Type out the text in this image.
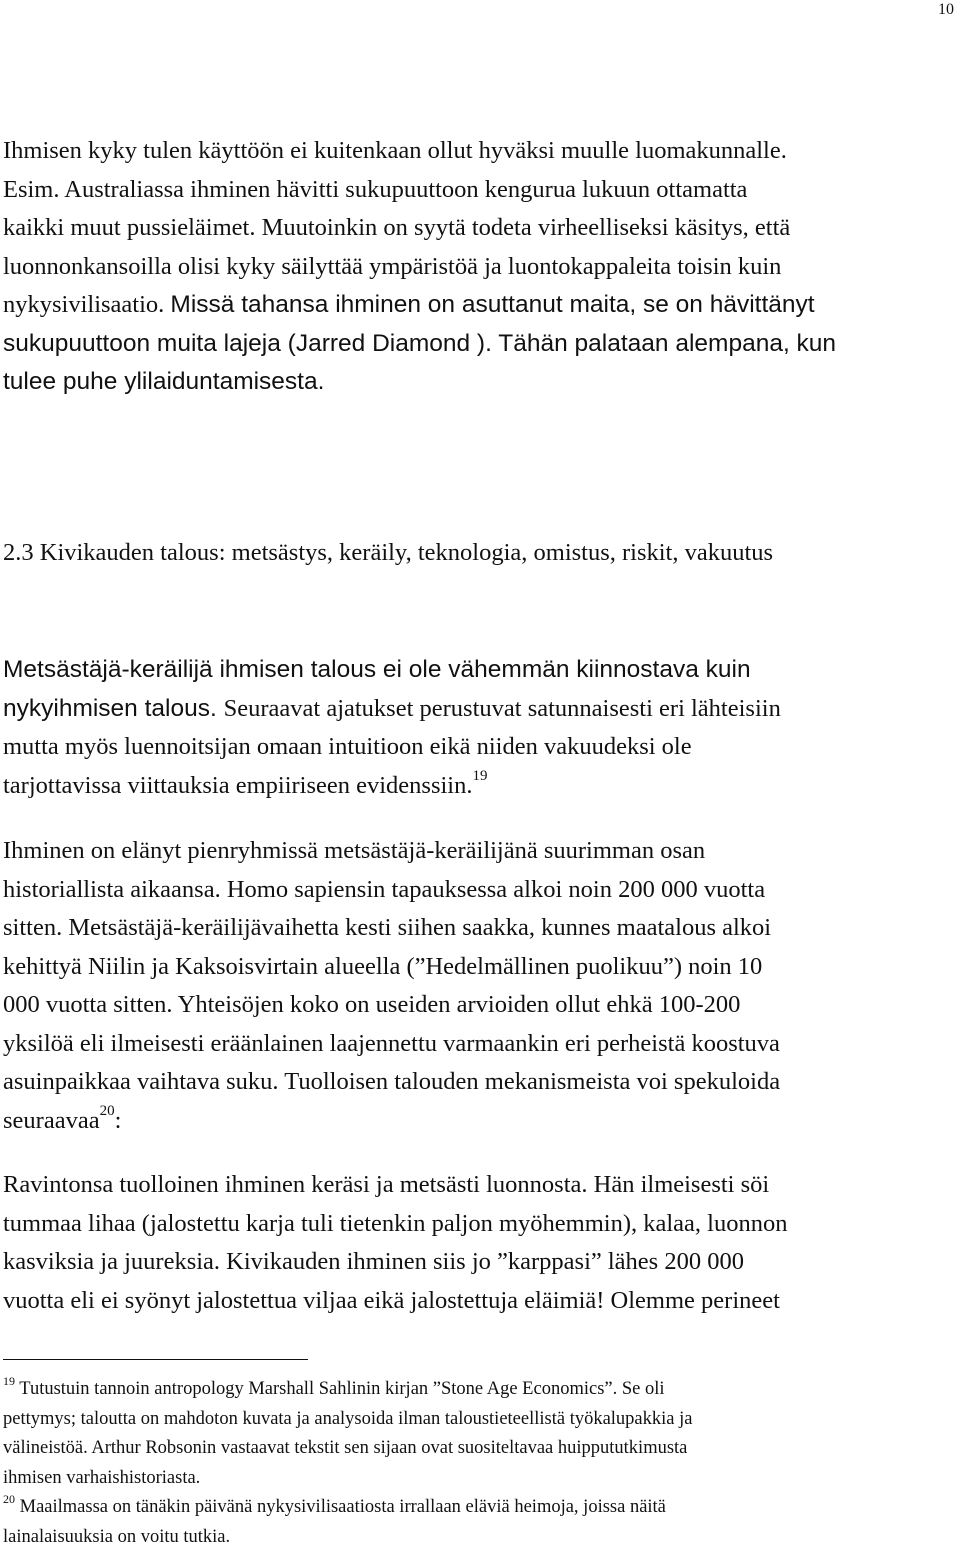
10
Ihmisen kyky tulen käyttöön ei kuitenkaan ollut hyväksi muulle luomakunnalle.
Esim. Australiassa ihminen hävitti sukupuuttoon kengurua lukuun ottamatta
kaikki muut pussieläimet. Muutoinkin on syytä todeta virheelliseksi käsitys, että
luonnonkansoilla olisi kyky säilyttää ympäristöä ja luontokappaleita toisin kuin
nykysivilisaatio. Missä tahansa ihminen on asuttanut maita, se on hävittänyt
sukupuuttoon muita lajeja (Jarred Diamond ). Tähän palataan alempana, kun
tulee puhe ylilaiduntamisesta.
2.3 Kivikauden talous: metsästys, keräily, teknologia, omistus, riskit, vakuutus
Metsästäjä-keräilijä ihmisen talous ei ole vähemmän kiinnostava kuin
nykyihmisen talous. Seuraavat ajatukset perustuvat satunnaisesti eri lähteisiin
mutta myös luennoitsijan omaan intuitioon eikä niiden vakuudeksi ole
tarjottavissa viittauksia empiiriseen evidenssiin.$^{19}$
Ihminen on elänyt pienryhmissä metsästäjä-keräilijänä suurimman osan
historiallista aikaansa. Homo sapiensin tapauksessa alkoi noin 200 000 vuotta
sitten. Metsästäjä-keräilijävaihetta kesti siihen saakka, kunnes maatalous alkoi
kehittyä Niilin ja Kaksoisvirtain alueella (”Hedelmällinen puolikuu”) noin 10
000 vuotta sitten. Yhteisöjen koko on useiden arvioiden ollut ehkä 100-200
yksilöä eli ilmeisesti eräänlainen laajennettu varmaankin eri perheistä koostuva
asuinpaikkaa vaihtava suku. Tuolloisen talouden mekanismeista voi spekuloida
seuraavaa$^{20}$:
Ravintonsa tuolloinen ihminen keräsi ja metsästi luonnosta. Hän ilmeisesti söi
tummaa lihaa (jalostettu karja tuli tietenkin paljon myöhemmin), kalaa, luonnon
kasviksia ja juureksia. Kivikauden ihminen siis jo ”karppasi” lähes 200 000
vuotta eli ei syönyt jalostettua viljaa eikä jalostettuja eläimiä! Olemme perineet
$^{19}$ Tutustuin tannoin antropology Marshall Sahlinin kirjan ”Stone Age Economics”. Se oli
pettymys; taloutta on mahdoton kuvata ja analysoida ilman taloustieteellistä työkalupakkia ja
välineistöä. Arthur Robsonin vastaavat tekstit sen sijaan ovat suositeltavaa huippututkimusta
ihmisen varhaishistoriasta.
$^{20}$ Maailmassa on tänäkin päivänä nykysivilisaatiosta irrallaan eläviä heimoja, joissa näitä
lainalaisuuksia on voitu tutkia.
